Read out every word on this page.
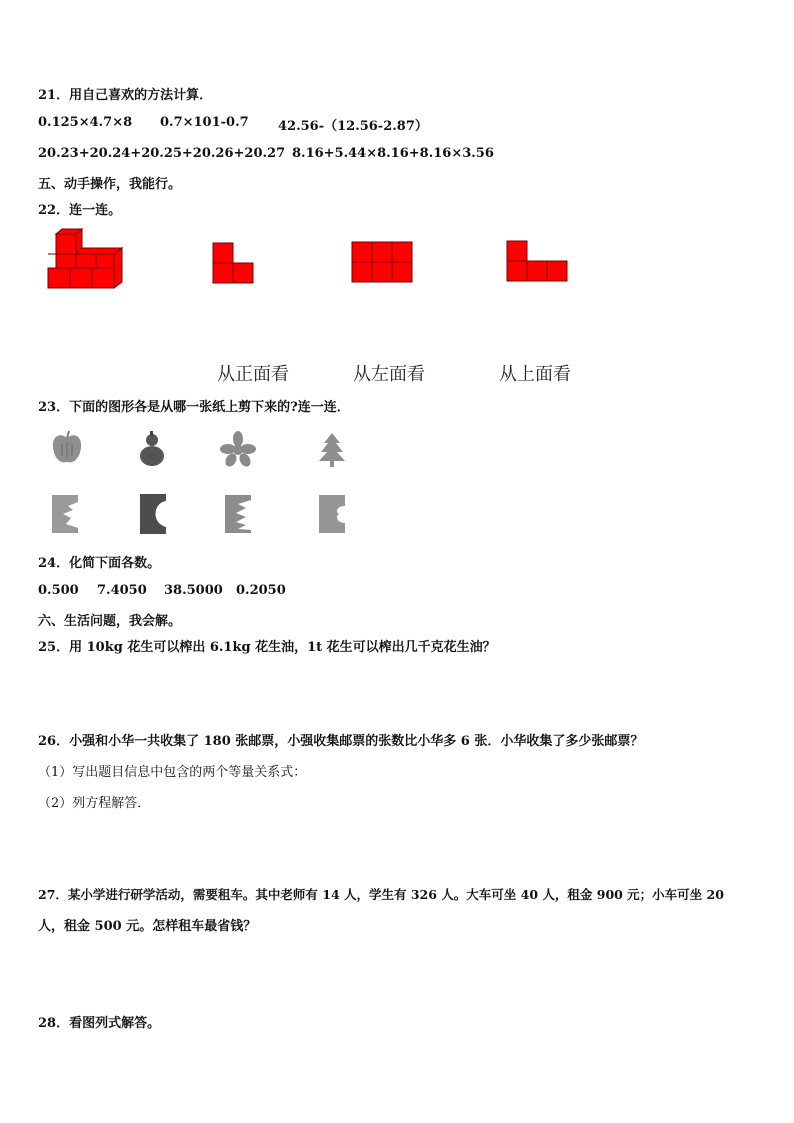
21．用自己喜欢的方法计算．
0.125×4.7×8 0.7×101-0.7 42.56-（12.56-2.87）
20.23+20.24+20.25+20.26+20.27 8.16+5.44×8.16+8.16×3.56
五、动手操作，我能行。
22．连一连。
从正面看	从左面看	从上面看
23．下面的图形各是从哪一张纸上剪下来的?连一连．
24．化简下面各数。
0.500 7.4050 38.5000 0.2050
六、生活问题，我会解。
25．用 10kg 花生可以榨出 6.1kg 花生油，1t 花生可以榨出几千克花生油？
26．小强和小华一共收集了 180 张邮票，小强收集邮票的张数比小华多 6 张．小华收集了多少张邮票？
（1）写出题目信息中包含的两个等量关系式：
（2）列方程解答．
27．某小学进行研学活动，需要租车。其中老师有 14 人，学生有 326 人。大车可坐 40 人，租金 900 元；小车可坐 20
人，租金 500 元。怎样租车最省钱？
28．看图列式解答。
